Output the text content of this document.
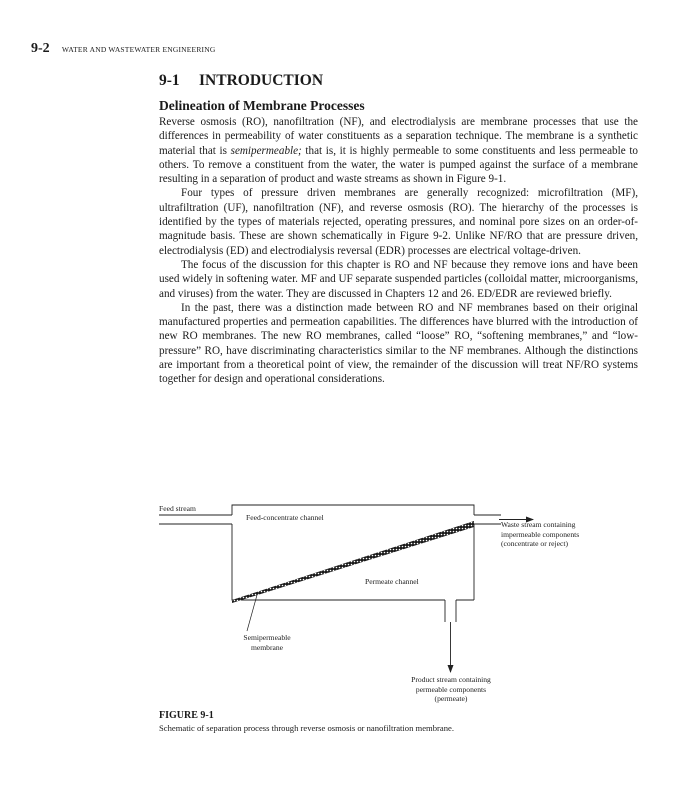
9-2 WATER AND WASTEWATER ENGINEERING
9-1 INTRODUCTION
Delineation of Membrane Processes

Reverse osmosis (RO), nanofiltration (NF), and electrodialysis are membrane processes that use the differences in permeability of water constituents as a separation technique. The membrane is a synthetic material that is semipermeable; that is, it is highly permeable to some constituents and less permeable to others. To remove a constituent from the water, the water is pumped against the surface of a membrane resulting in a separation of product and waste streams as shown in Figure 9-1.

Four types of pressure driven membranes are generally recognized: microfiltration (MF), ultrafiltration (UF), nanofiltration (NF), and reverse osmosis (RO). The hierarchy of the processes is identified by the types of materials rejected, operating pressures, and nominal pore sizes on an order-of-magnitude basis. These are shown schematically in Figure 9-2. Unlike NF/RO that are pressure driven, electrodialysis (ED) and electrodialysis reversal (EDR) processes are electrical voltage-driven.

The focus of the discussion for this chapter is RO and NF because they remove ions and have been used widely in softening water. MF and UF separate suspended particles (colloidal matter, microorganisms, and viruses) from the water. They are discussed in Chapters 12 and 26. ED/EDR are reviewed briefly.

In the past, there was a distinction made between RO and NF membranes based on their original manufactured properties and permeation capabilities. The differences have blurred with the introduction of new RO membranes. The new RO membranes, called “loose” RO, “softening membranes,” and “low-pressure” RO, have discriminating characteristics similar to the NF membranes. Although the distinctions are important from a theoretical point of view, the remainder of the discussion will treat NF/RO systems together for design and operational considerations.

Feed stream
Feed-concentrate channel
Waste stream containing
impermeable components
(concentrate or reject)
Permeate channel
Semipermeable
membrane
Product stream containing
permeable components
(permeate)
FIGURE 9-1
Schematic of separation process through reverse osmosis or nanofiltration membrane.
